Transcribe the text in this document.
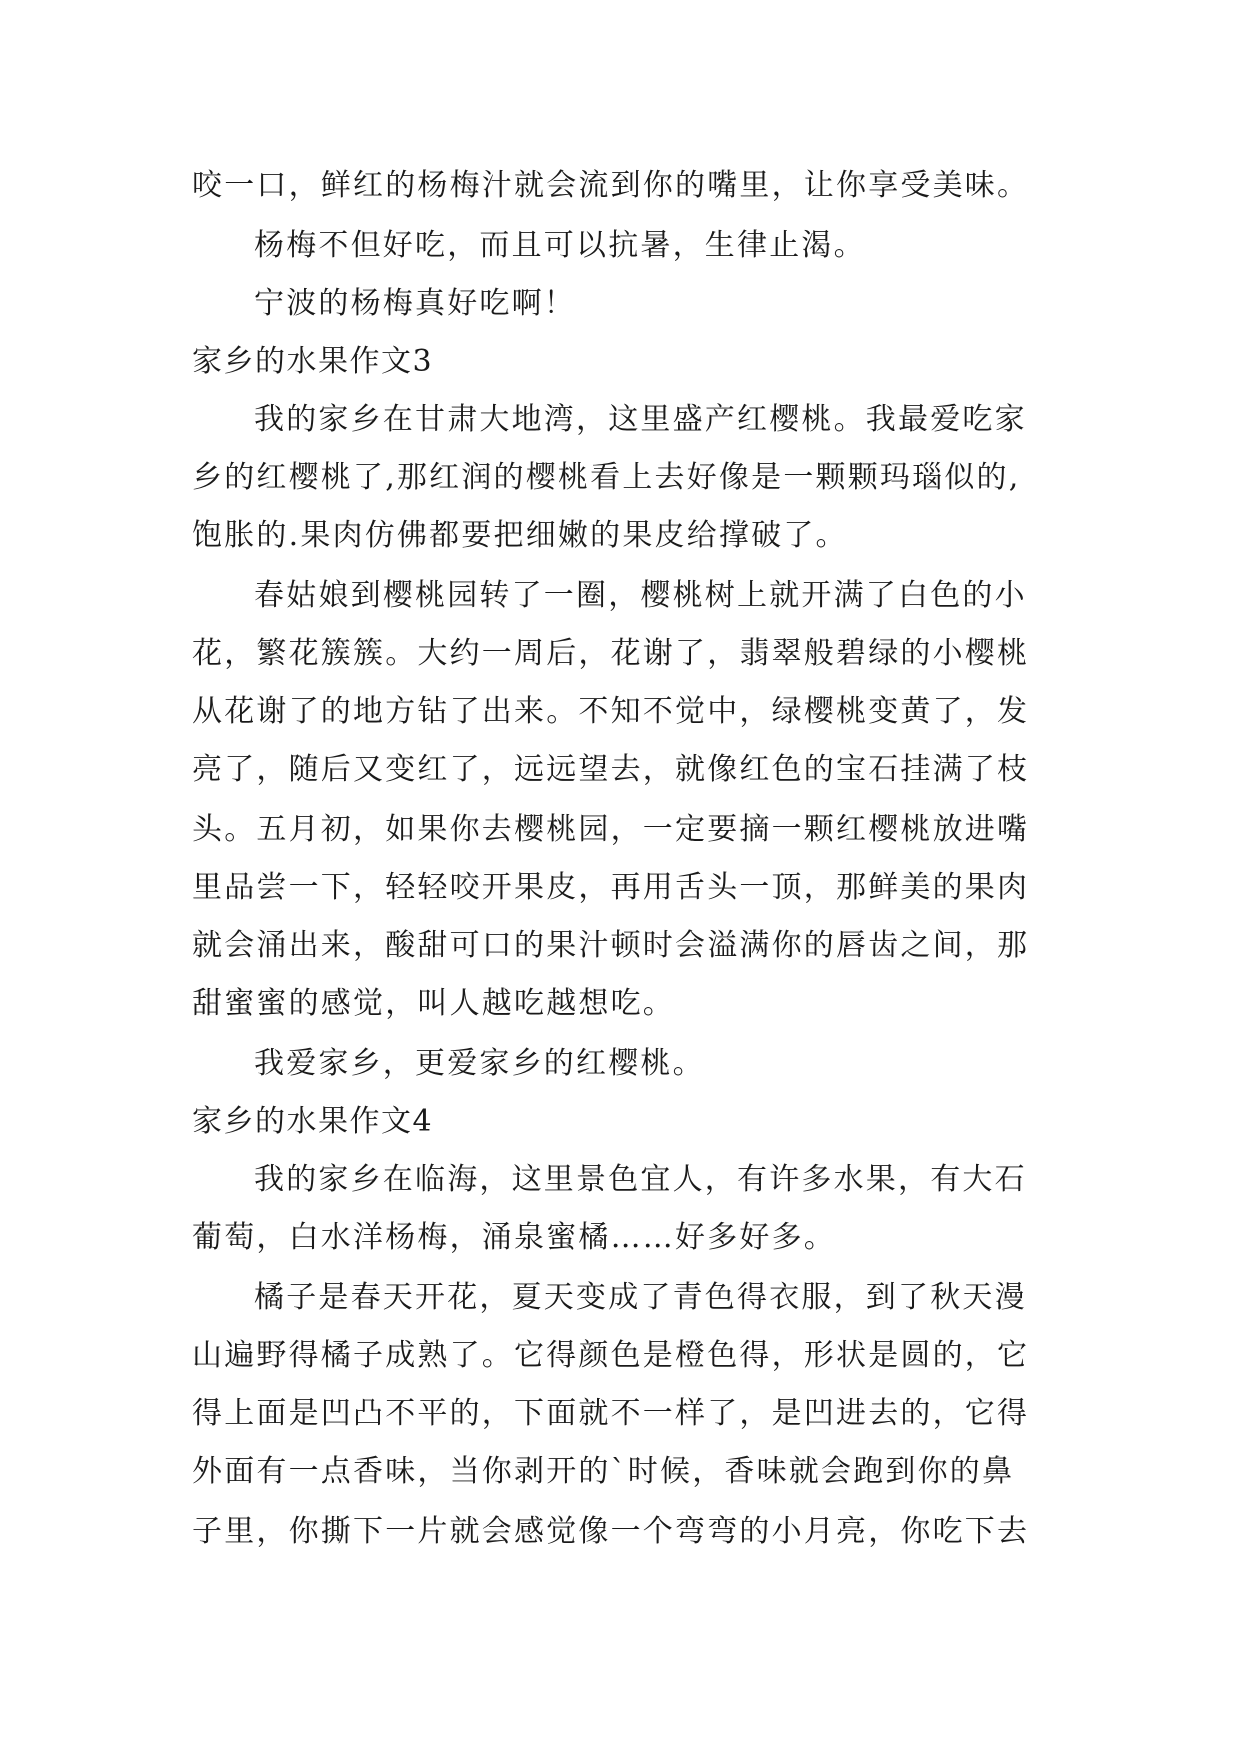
咬一口，鲜红的杨梅汁就会流到你的嘴里，让你享受美味。
杨梅不但好吃，而且可以抗暑，生律止渴。
宁波的杨梅真好吃啊！
家乡的水果作文3
我的家乡在甘肃大地湾，这里盛产红樱桃。我最爱吃家
乡的红樱桃了,那红润的樱桃看上去好像是一颗颗玛瑙似的,
饱胀的.果肉仿佛都要把细嫩的果皮给撑破了。
春姑娘到樱桃园转了一圈，樱桃树上就开满了白色的小
花，繁花簇簇。大约一周后，花谢了，翡翠般碧绿的小樱桃
从花谢了的地方钻了出来。不知不觉中，绿樱桃变黄了，发
亮了，随后又变红了，远远望去，就像红色的宝石挂满了枝
头。五月初，如果你去樱桃园，一定要摘一颗红樱桃放进嘴
里品尝一下，轻轻咬开果皮，再用舌头一顶，那鲜美的果肉
就会涌出来，酸甜可口的果汁顿时会溢满你的唇齿之间，那
甜蜜蜜的感觉，叫人越吃越想吃。
我爱家乡，更爱家乡的红樱桃。
家乡的水果作文4
我的家乡在临海，这里景色宜人，有许多水果，有大石
葡萄，白水洋杨梅，涌泉蜜橘……好多好多。
橘子是春天开花，夏天变成了青色得衣服，到了秋天漫
山遍野得橘子成熟了。它得颜色是橙色得，形状是圆的，它
得上面是凹凸不平的，下面就不一样了，是凹进去的，它得
外面有一点香味，当你剥开的`时候，香味就会跑到你的鼻
子里，你撕下一片就会感觉像一个弯弯的小月亮，你吃下去
